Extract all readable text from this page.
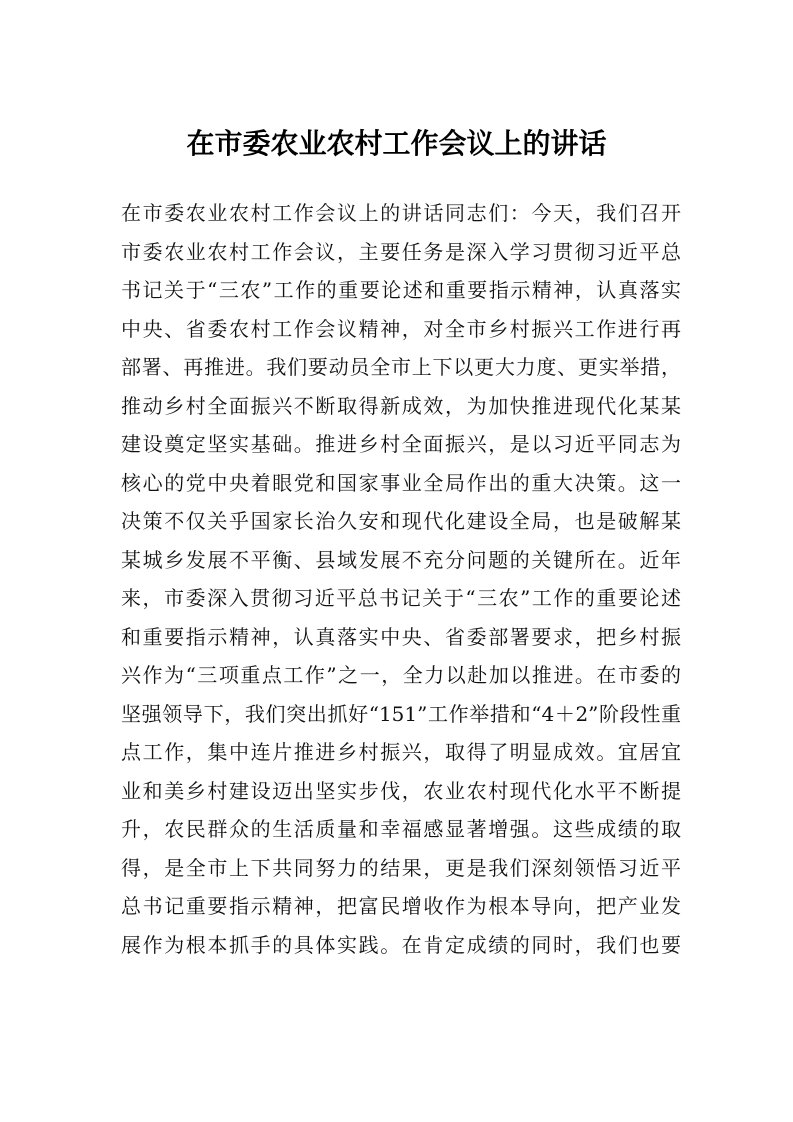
在市委农业农村工作会议上的讲话
在市委农业农村工作会议上的讲话同志们：今天，我们召开
市委农业农村工作会议，主要任务是深入学习贯彻习近平总
书记关于“三农”工作的重要论述和重要指示精神，认真落实
中央、省委农村工作会议精神，对全市乡村振兴工作进行再
部署、再推进。我们要动员全市上下以更大力度、更实举措，
推动乡村全面振兴不断取得新成效，为加快推进现代化某某
建设奠定坚实基础。推进乡村全面振兴，是以习近平同志为
核心的党中央着眼党和国家事业全局作出的重大决策。这一
决策不仅关乎国家长治久安和现代化建设全局，也是破解某
某城乡发展不平衡、县域发展不充分问题的关键所在。近年
来，市委深入贯彻习近平总书记关于“三农”工作的重要论述
和重要指示精神，认真落实中央、省委部署要求，把乡村振
兴作为“三项重点工作”之一，全力以赴加以推进。在市委的
坚强领导下，我们突出抓好“151”工作举措和“4＋2”阶段性重
点工作，集中连片推进乡村振兴，取得了明显成效。宜居宜
业和美乡村建设迈出坚实步伐，农业农村现代化水平不断提
升，农民群众的生活质量和幸福感显著增强。这些成绩的取
得，是全市上下共同努力的结果，更是我们深刻领悟习近平
总书记重要指示精神，把富民增收作为根本导向，把产业发
展作为根本抓手的具体实践。在肯定成绩的同时，我们也要
